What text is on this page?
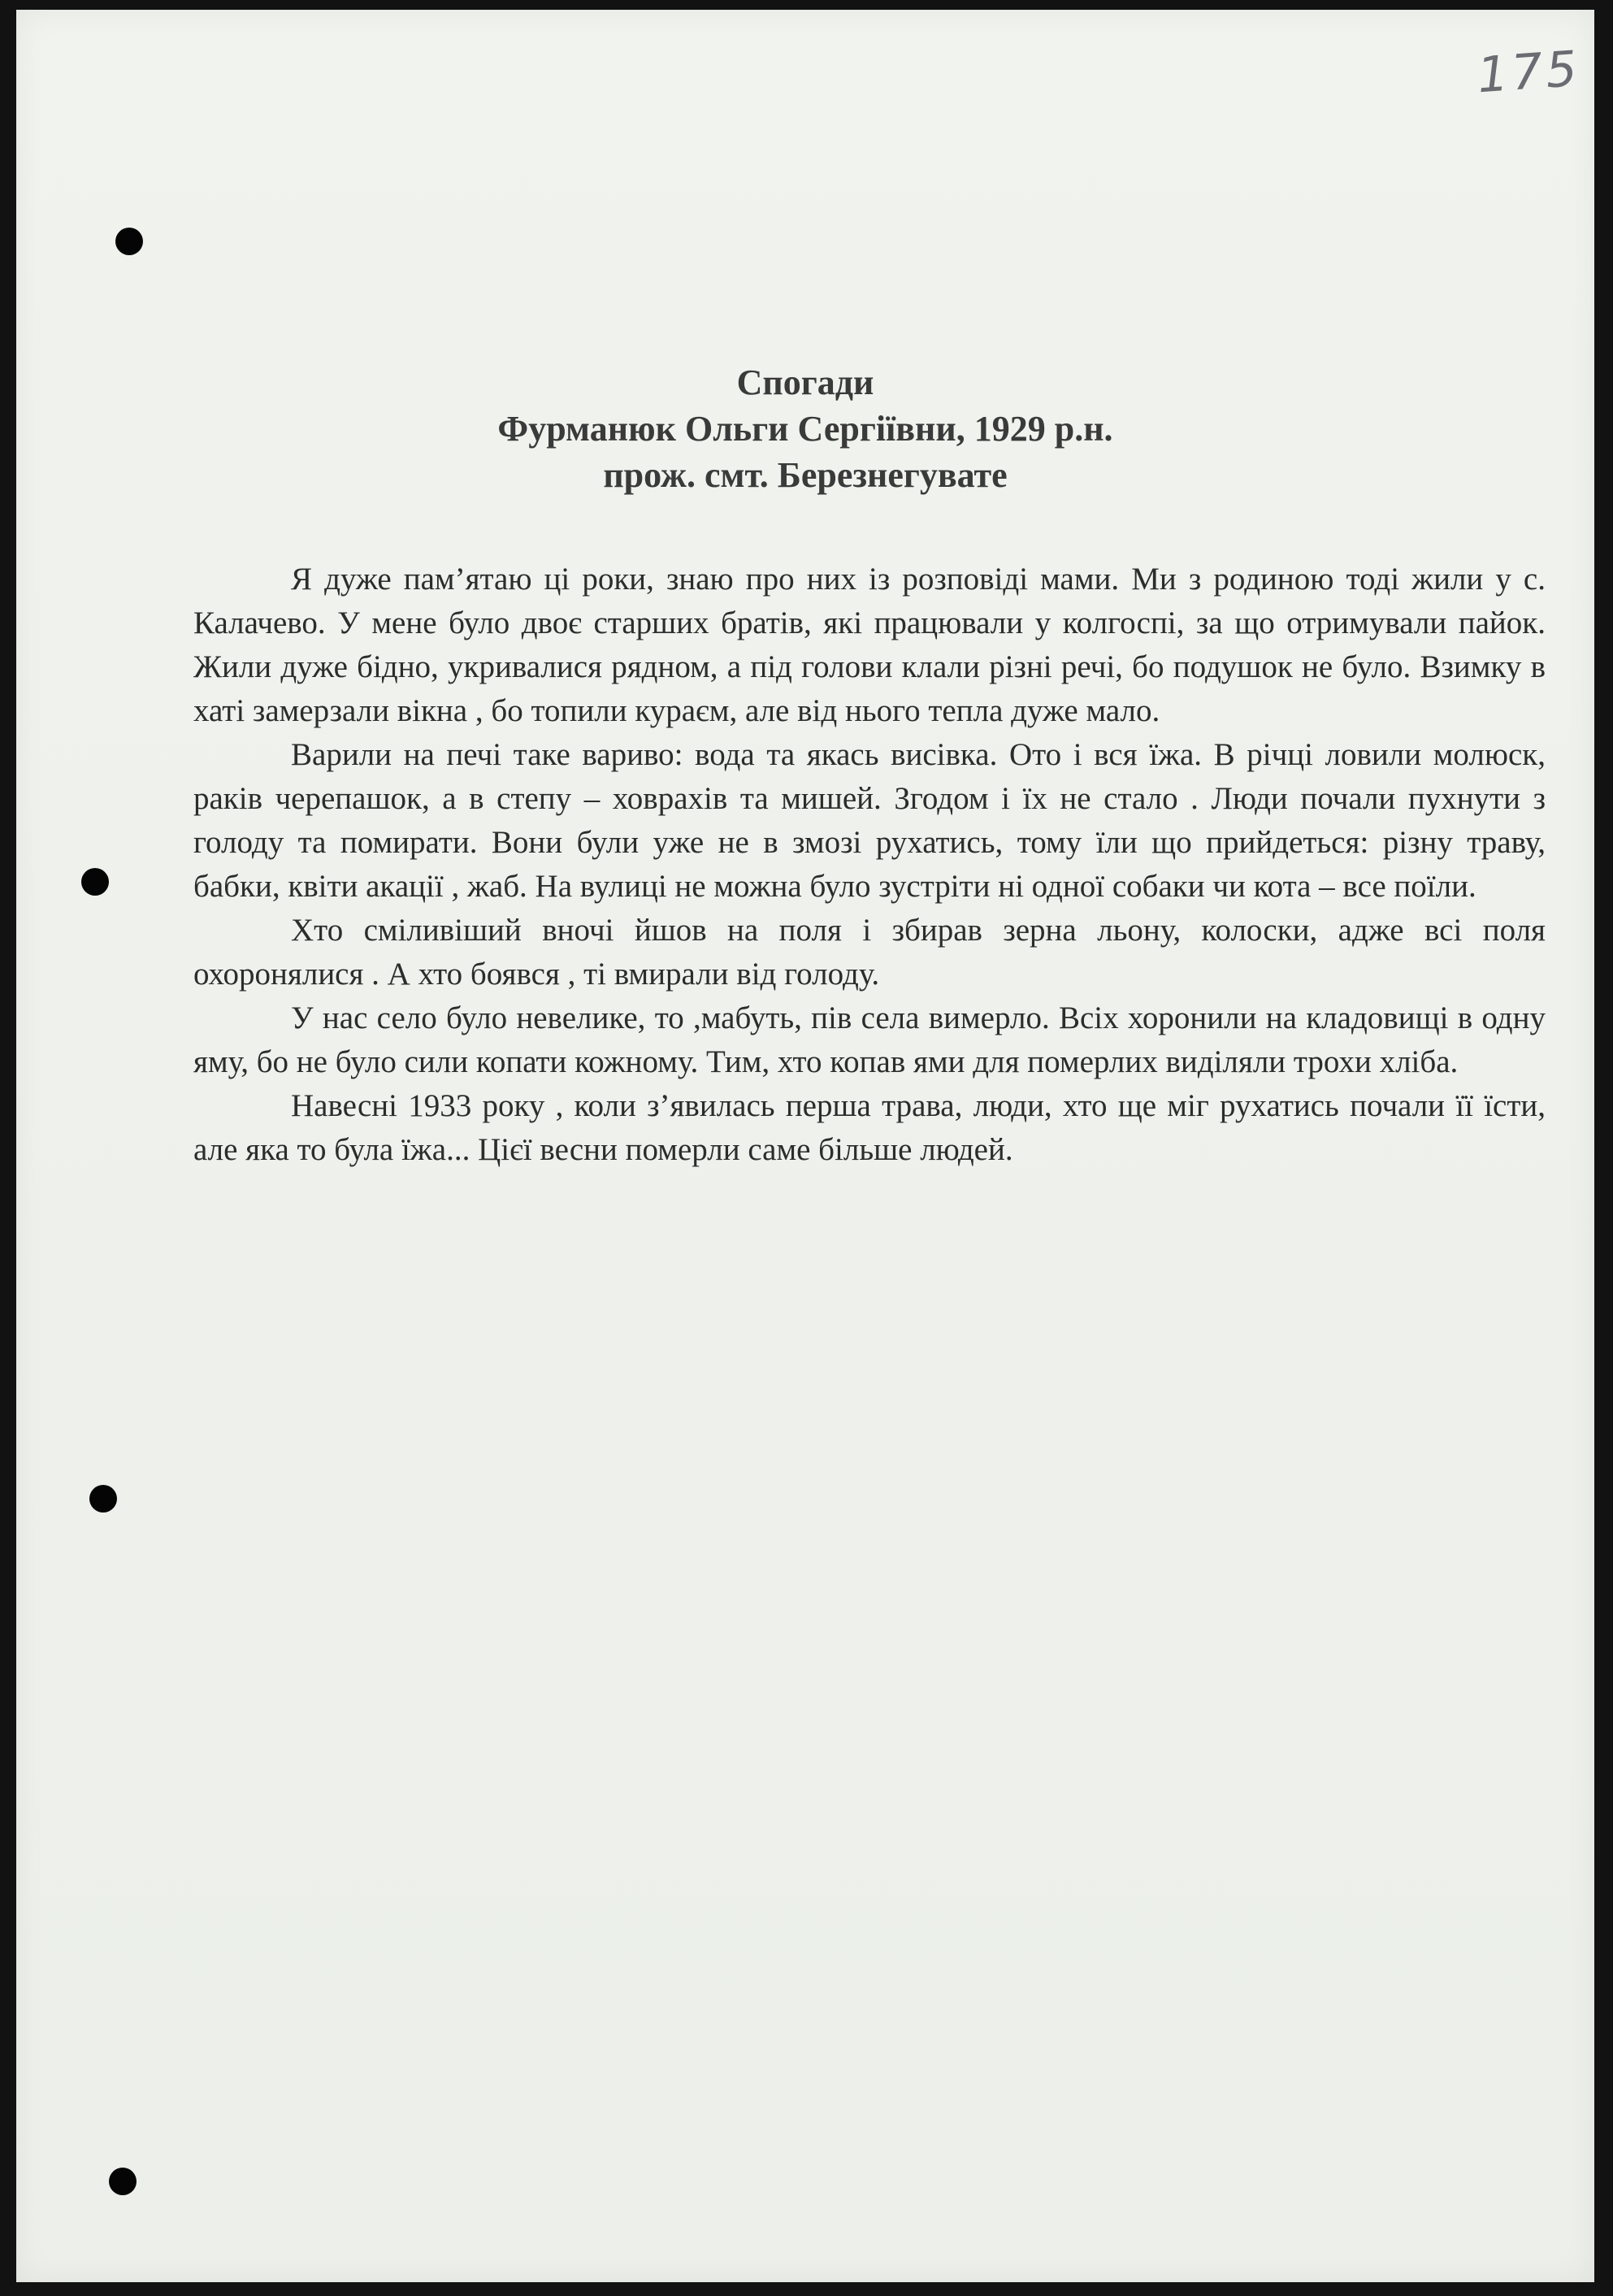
175
Спогади
Фурманюк Ольги Сергіївни, 1929 р.н.
прож. смт. Березнегувате

Я дуже пам’ятаю ці роки, знаю про них із розповіді мами. Ми з родиною тоді жили у с. Калачево. У мене було двоє старших братів, які працювали у колгоспі, за що отримували пайок. Жили дуже бідно, укривалися рядном, а під голови клали різні речі, бо подушок не було. Взимку в хаті замерзали вікна , бо топили кураєм, але від нього тепла дуже мало.

Варили на печі таке вариво: вода та якась висівка. Ото і вся їжа. В річці ловили молюск, раків черепашок, а в степу – ховрахів та мишей. Згодом і їх не стало . Люди почали пухнути з голоду та помирати. Вони були уже не в змозі рухатись, тому їли що прийдеться: різну траву, бабки, квіти акації , жаб. На вулиці не можна було зустріти ні одної собаки чи кота – все поїли.

Хто сміливіший вночі йшов на поля і збирав зерна льону, колоски, адже всі поля охоронялися . А хто боявся , ті вмирали від голоду.

У нас село було невелике, то ,мабуть, пів села вимерло. Всіх хоронили на кладовищі в одну яму, бо не було сили копати кожному. Тим, хто копав ями для померлих виділяли трохи хліба.

Навесні 1933 року , коли з’явилась перша трава, люди, хто ще міг рухатись почали її їсти, але яка то була їжа... Цієї весни померли саме більше людей.
